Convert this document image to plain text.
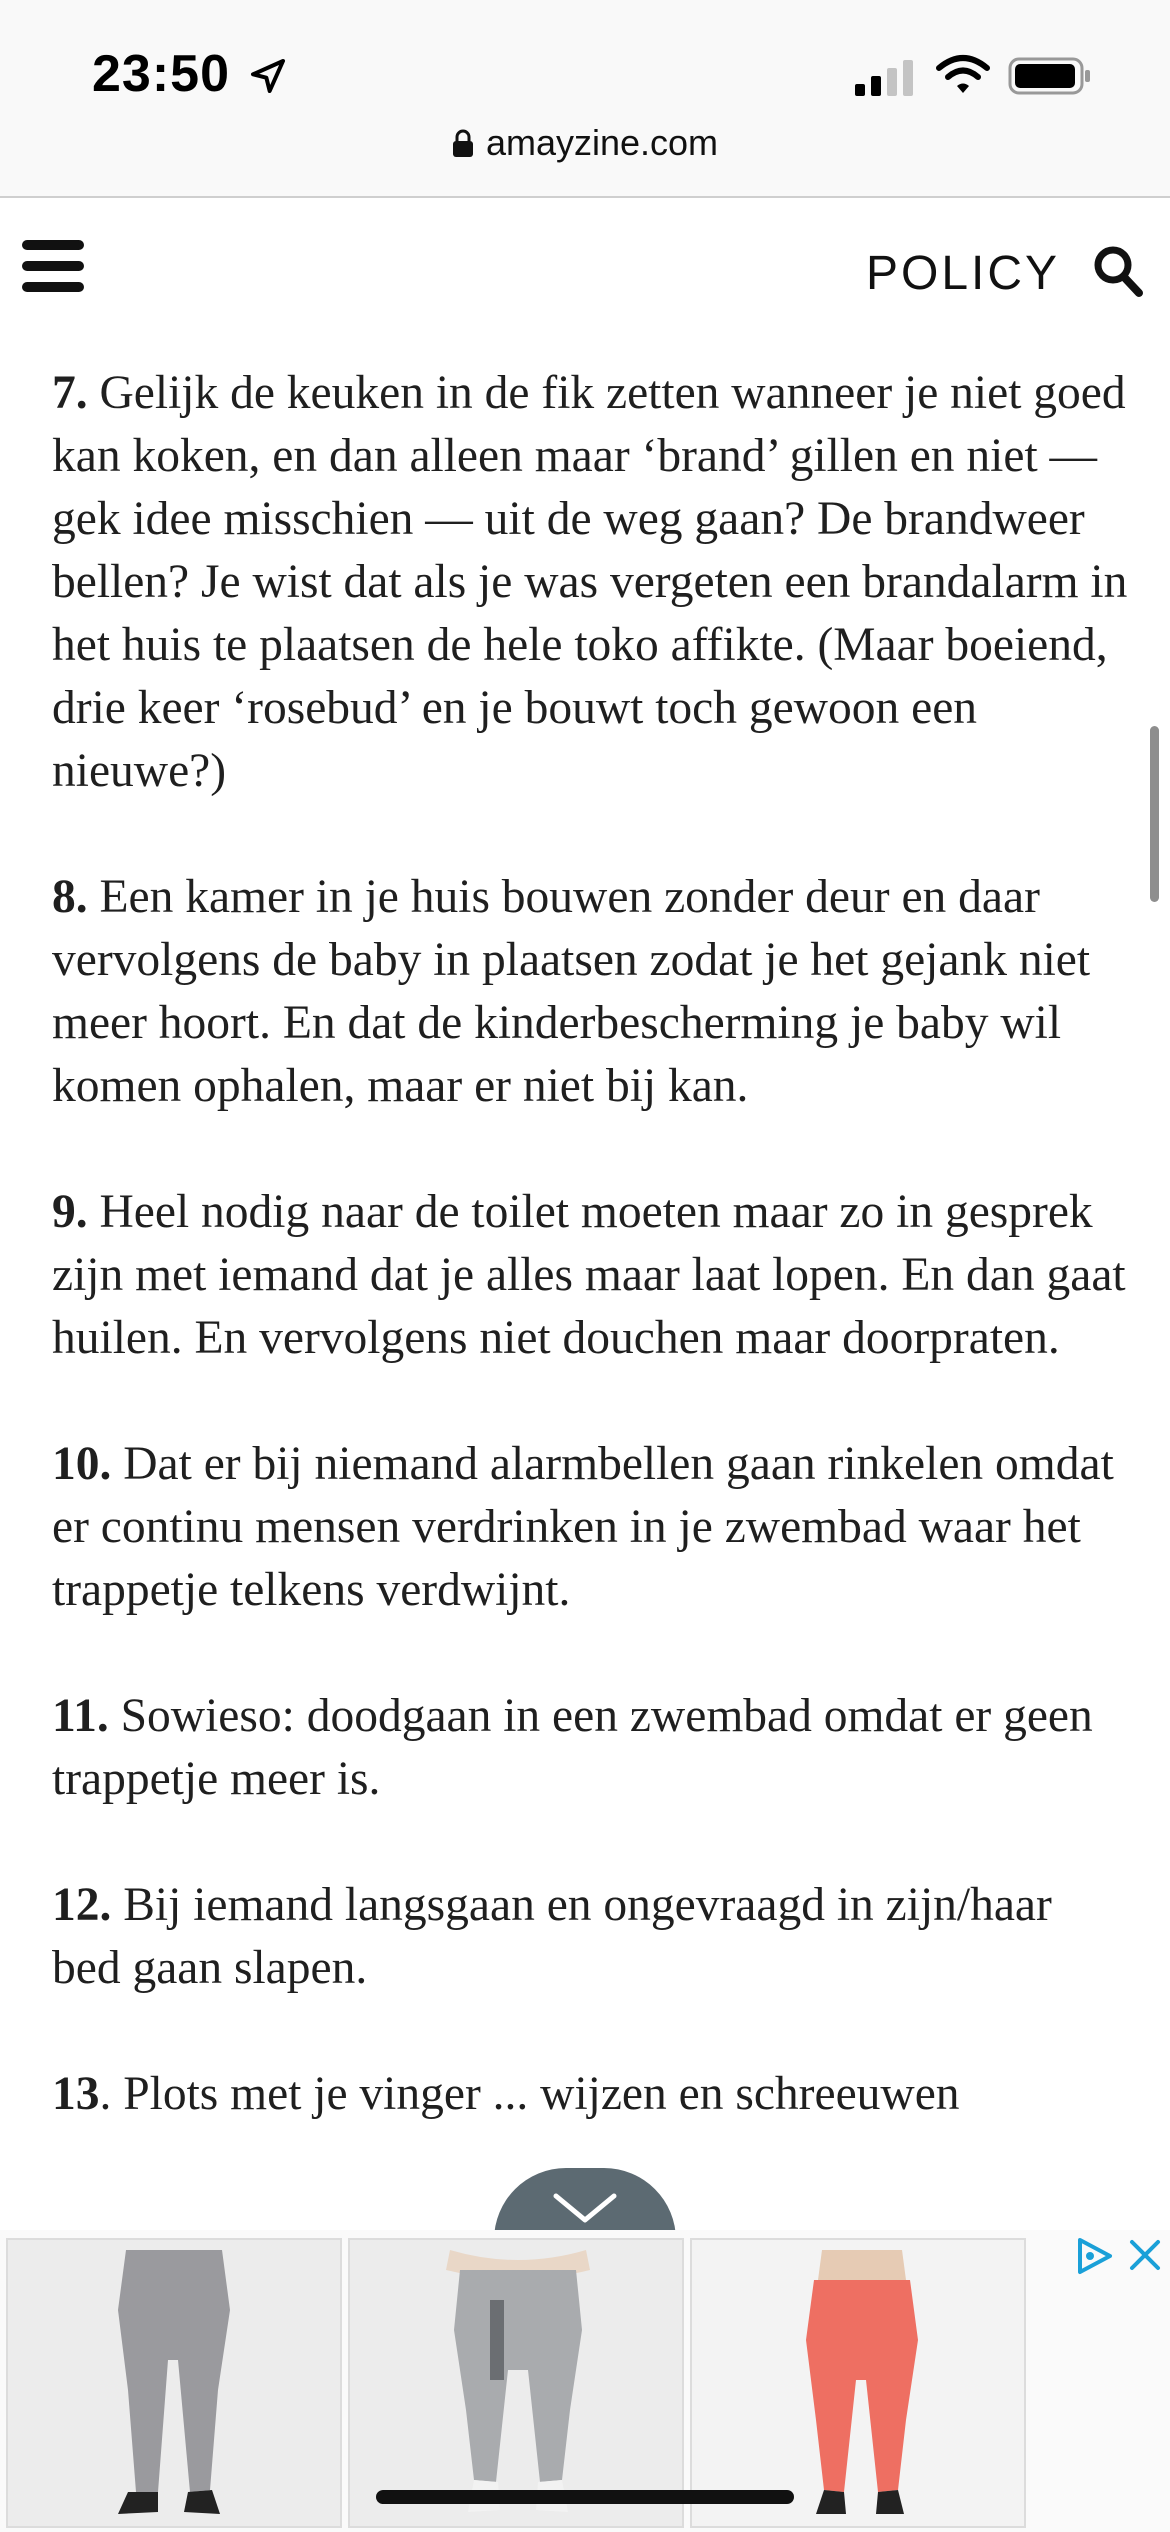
23:50
amayzine.com
POLICY

7. Gelijk de keuken in de fik zetten wanneer je niet goed kan koken, en dan alleen maar ‘brand’ gillen en niet — gek idee misschien — uit de weg gaan? De brandweer bellen? Je wist dat als je was vergeten een brandalarm in het huis te plaatsen de hele toko affikte. (Maar boeiend, drie keer ‘rosebud’ en je bouwt toch gewoon een nieuwe?)

8. Een kamer in je huis bouwen zonder deur en daar vervolgens de baby in plaatsen zodat je het gejank niet meer hoort. En dat de kinderbescherming je baby wil komen ophalen, maar er niet bij kan.

9. Heel nodig naar de toilet moeten maar zo in gesprek zijn met iemand dat je alles maar laat lopen. En dan gaat huilen. En vervolgens niet douchen maar doorpraten.

10. Dat er bij niemand alarmbellen gaan rinkelen omdat er continu mensen verdrinken in je zwembad waar het trappetje telkens verdwijnt.

11. Sowieso: doodgaan in een zwembad omdat er geen trappetje meer is.

12. Bij iemand langsgaan en ongevraagd in zijn/haar bed gaan slapen.

13. Plots met je vinger ... wijzen en schreeuwen
